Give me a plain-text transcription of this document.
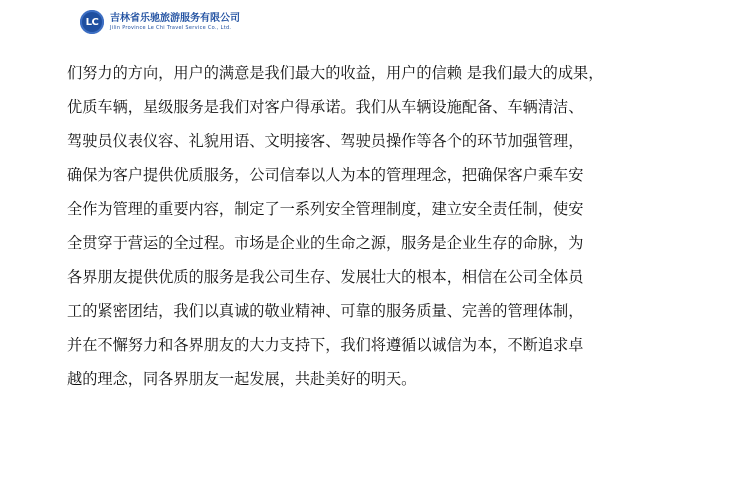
LC 吉林省乐驰旅游服务有限公司
Jilin Province Le Chi Travel Service Co., Ltd.
们努力的方向，用户的满意是我们最大的收益，用户的信赖 是我们最大的成果，
优质车辆，星级服务是我们对客户得承诺。我们从车辆设施配备、车辆清洁、
驾驶员仪表仪容、礼貌用语、文明接客、驾驶员操作等各个的环节加强管理，
确保为客户提供优质服务，公司信奉以人为本的管理理念，把确保客户乘车安
全作为管理的重要内容，制定了一系列安全管理制度，建立安全责任制，使安
全贯穿于营运的全过程。市场是企业的生命之源，服务是企业生存的命脉，为
各界朋友提供优质的服务是我公司生存、发展壮大的根本，相信在公司全体员
工的紧密团结，我们以真诚的敬业精神、可靠的服务质量、完善的管理体制，
并在不懈努力和各界朋友的大力支持下，我们将遵循以诚信为本，不断追求卓
越的理念，同各界朋友一起发展，共赴美好的明天。
